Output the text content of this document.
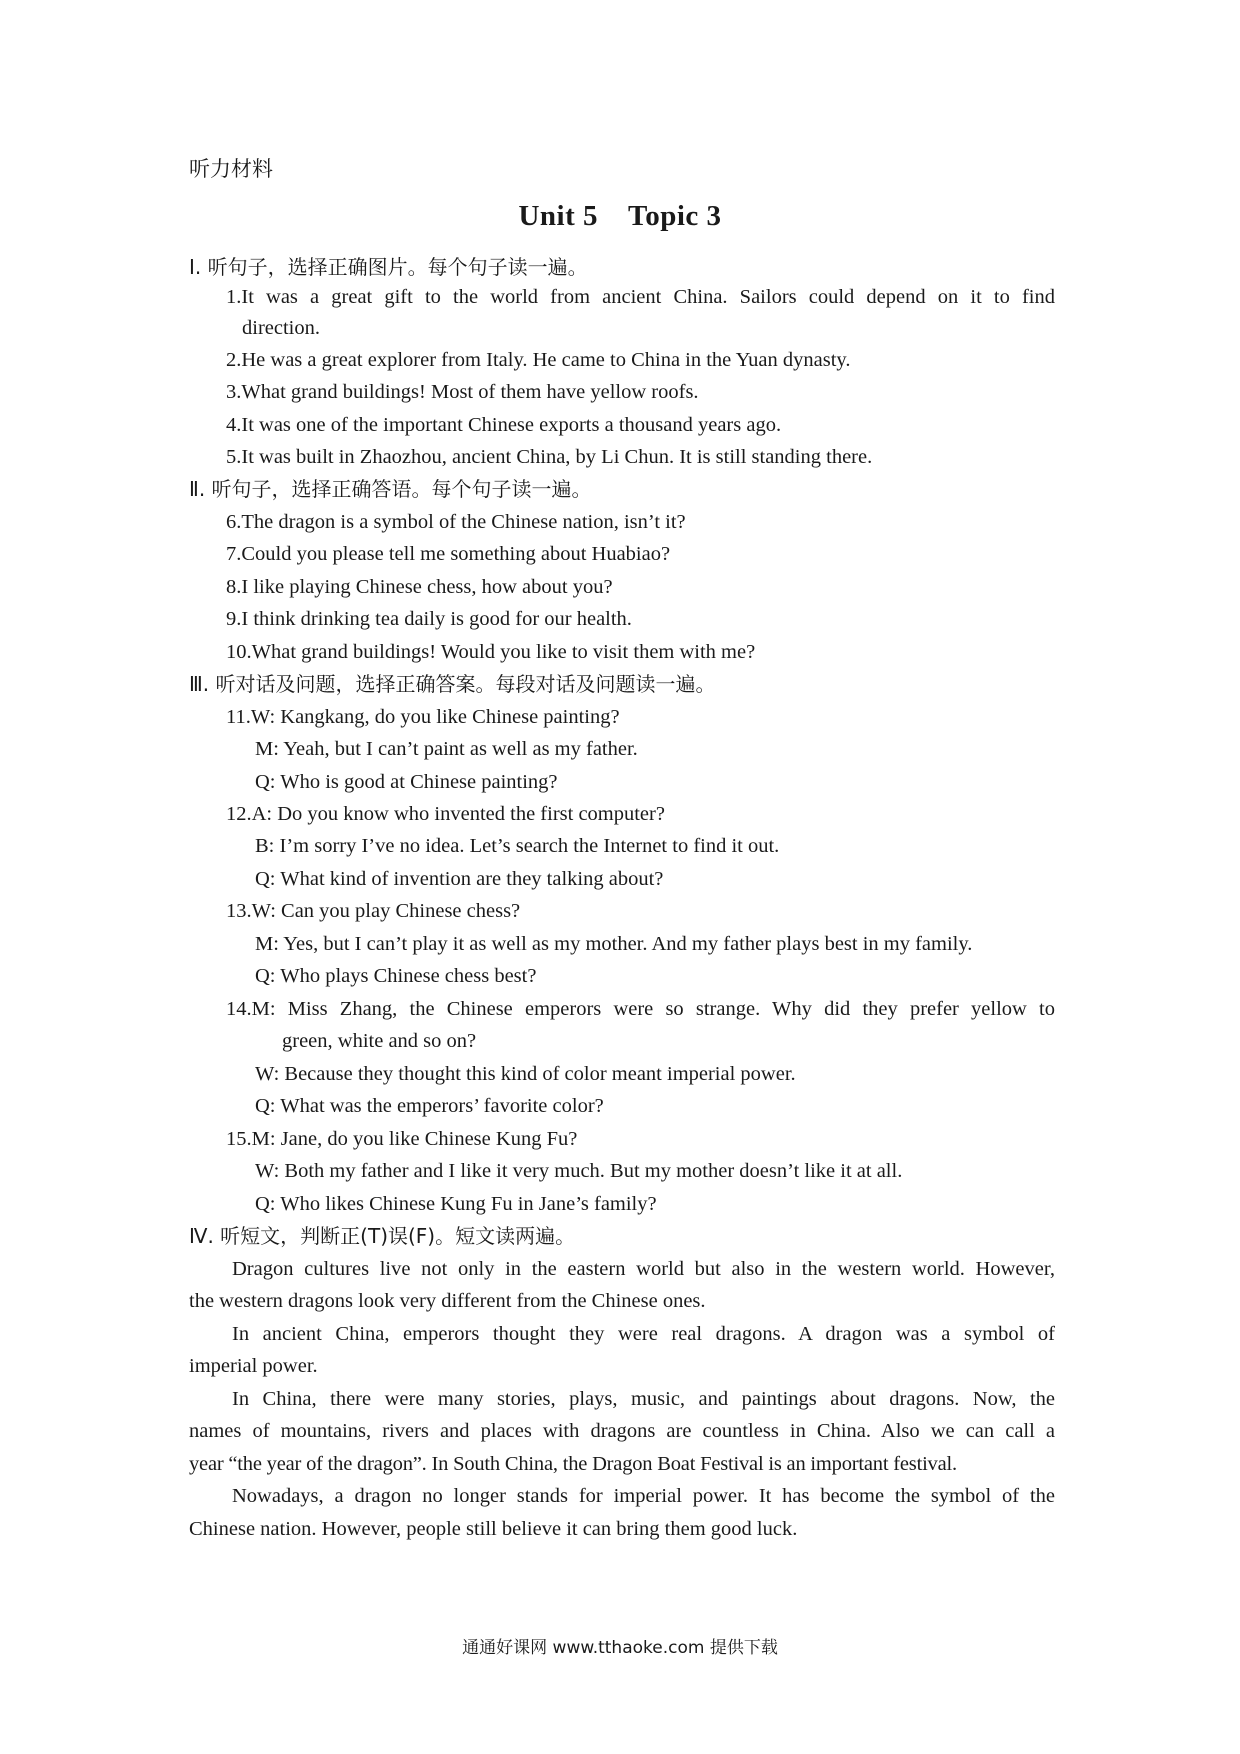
听力材料
Unit 5 Topic 3
Ⅰ. 听句子，选择正确图片。每个句子读一遍。
1.It was a great gift to the world from ancient China. Sailors could depend on it to find
direction.
2.He was a great explorer from Italy. He came to China in the Yuan dynasty.
3.What grand buildings! Most of them have yellow roofs.
4.It was one of the important Chinese exports a thousand years ago.
5.It was built in Zhaozhou, ancient China, by Li Chun. It is still standing there.
Ⅱ. 听句子，选择正确答语。每个句子读一遍。
6.The dragon is a symbol of the Chinese nation, isn’t it?
7.Could you please tell me something about Huabiao?
8.I like playing Chinese chess, how about you?
9.I think drinking tea daily is good for our health.
10.What grand buildings! Would you like to visit them with me?
Ⅲ. 听对话及问题，选择正确答案。每段对话及问题读一遍。
11.W: Kangkang, do you like Chinese painting?
M: Yeah, but I can’t paint as well as my father.
Q: Who is good at Chinese painting?
12.A: Do you know who invented the first computer?
B: I’m sorry I’ve no idea. Let’s search the Internet to find it out.
Q: What kind of invention are they talking about?
13.W: Can you play Chinese chess?
M: Yes, but I can’t play it as well as my mother. And my father plays best in my family.
Q: Who plays Chinese chess best?
14.M: Miss Zhang, the Chinese emperors were so strange. Why did they prefer yellow to
green, white and so on?
W: Because they thought this kind of color meant imperial power.
Q: What was the emperors’ favorite color?
15.M: Jane, do you like Chinese Kung Fu?
W: Both my father and I like it very much. But my mother doesn’t like it at all.
Q: Who likes Chinese Kung Fu in Jane’s family?
Ⅳ. 听短文，判断正(T)误(F)。短文读两遍。
Dragon cultures live not only in the eastern world but also in the western world. However,
the western dragons look very different from the Chinese ones.
In ancient China, emperors thought they were real dragons. A dragon was a symbol of
imperial power.
In China, there were many stories, plays, music, and paintings about dragons. Now, the
names of mountains, rivers and places with dragons are countless in China. Also we can call a
year “the year of the dragon”. In South China, the Dragon Boat Festival is an important festival.
Nowadays, a dragon no longer stands for imperial power. It has become the symbol of the
Chinese nation. However, people still believe it can bring them good luck.
通通好课网 www.tthaoke.com 提供下载
